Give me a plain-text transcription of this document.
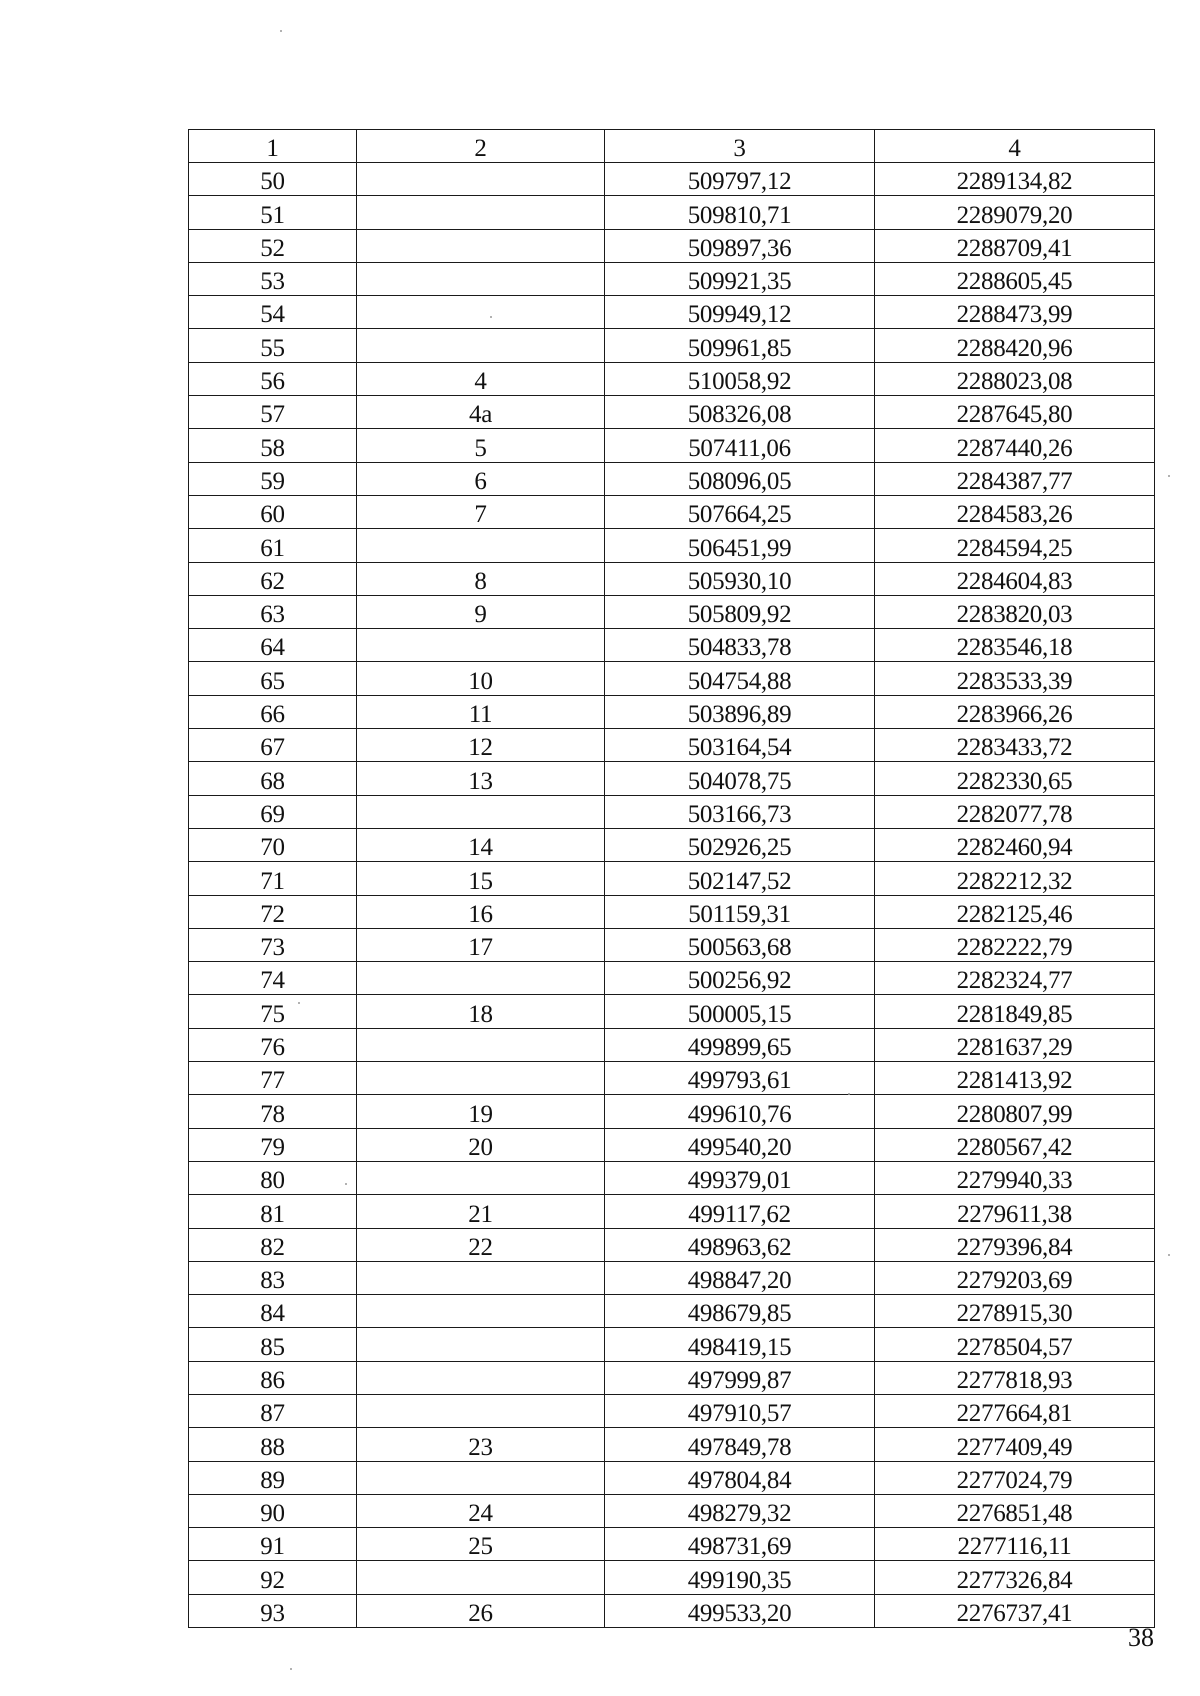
1	2	3	4
50		509797,12	2289134,82
51		509810,71	2289079,20
52		509897,36	2288709,41
53		509921,35	2288605,45
54		509949,12	2288473,99
55		509961,85	2288420,96
56	4	510058,92	2288023,08
57	4a	508326,08	2287645,80
58	5	507411,06	2287440,26
59	6	508096,05	2284387,77
60	7	507664,25	2284583,26
61		506451,99	2284594,25
62	8	505930,10	2284604,83
63	9	505809,92	2283820,03
64		504833,78	2283546,18
65	10	504754,88	2283533,39
66	11	503896,89	2283966,26
67	12	503164,54	2283433,72
68	13	504078,75	2282330,65
69		503166,73	2282077,78
70	14	502926,25	2282460,94
71	15	502147,52	2282212,32
72	16	501159,31	2282125,46
73	17	500563,68	2282222,79
74		500256,92	2282324,77
75	18	500005,15	2281849,85
76		499899,65	2281637,29
77		499793,61	2281413,92
78	19	499610,76	2280807,99
79	20	499540,20	2280567,42
80		499379,01	2279940,33
81	21	499117,62	2279611,38
82	22	498963,62	2279396,84
83		498847,20	2279203,69
84		498679,85	2278915,30
85		498419,15	2278504,57
86		497999,87	2277818,93
87		497910,57	2277664,81
88	23	497849,78	2277409,49
89		497804,84	2277024,79
90	24	498279,32	2276851,48
91	25	498731,69	2277116,11
92		499190,35	2277326,84
93	26	499533,20	2276737,41
38
